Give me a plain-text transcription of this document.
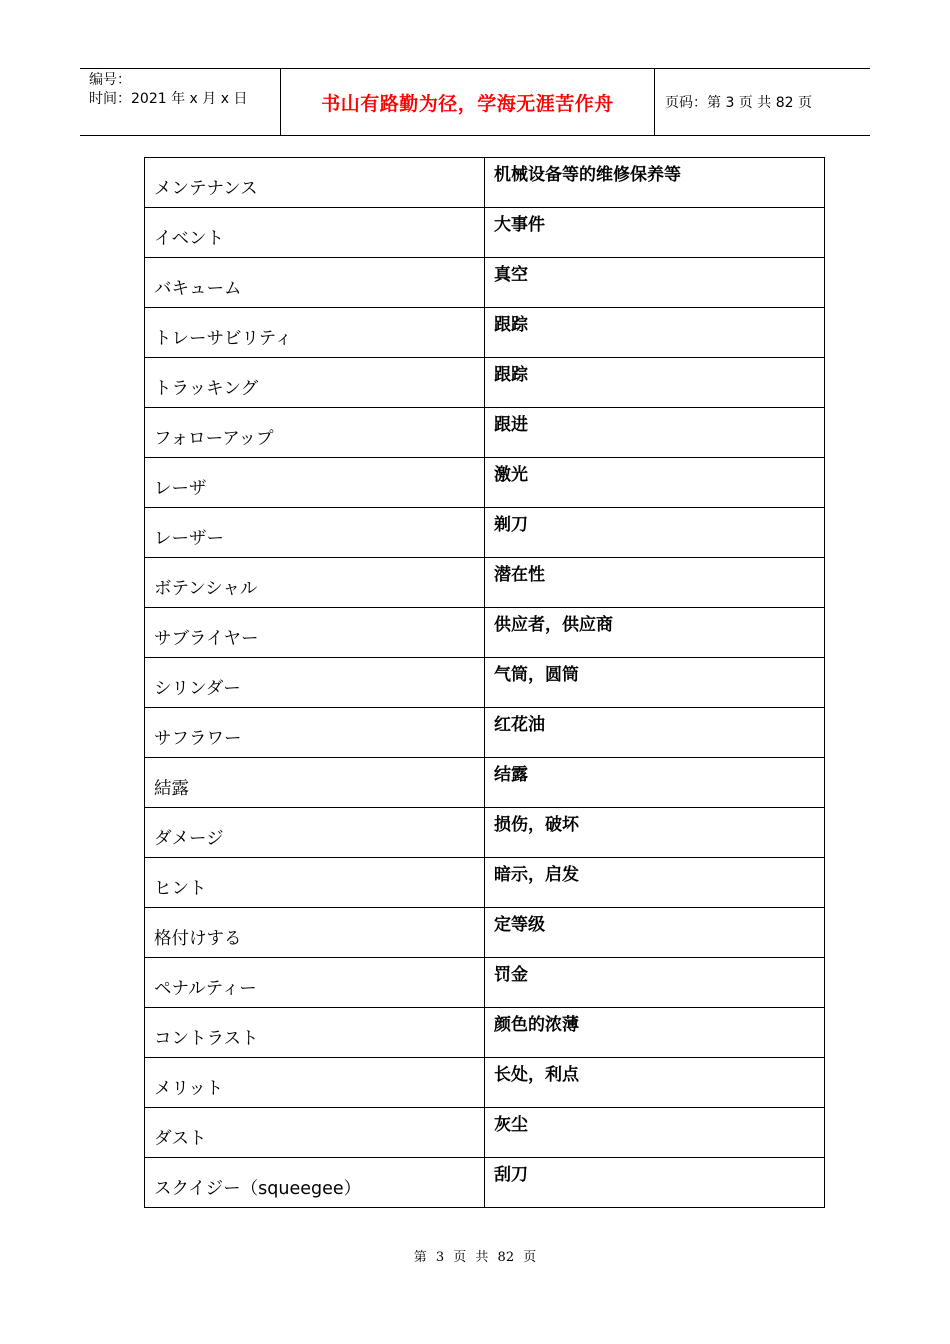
编号：
时间：2021 年 x 月 x 日	书山有路勤为径，学海无涯苦作舟	页码：第 3 页 共 82 页
メンテナンス	机械设备等的维修保养等
イベント	大事件
バキューム	真空
トレーサビリティ	跟踪
トラッキング	跟踪
フォローアップ	跟进
レーザ	激光
レーザー	剃刀
ボテンシャル	潜在性
サブライヤー	供应者，供应商
シリンダー	气筒，圆筒
サフラワー	红花油
結露	结露
ダメージ	损伤，破坏
ヒント	暗示，启发
格付けする	定等级
ペナルティー	罚金
コントラスト	颜色的浓薄
メリット	长处，利点
ダスト	灰尘
スクイジー（squeegee）	刮刀
第 3 页 共 82 页
